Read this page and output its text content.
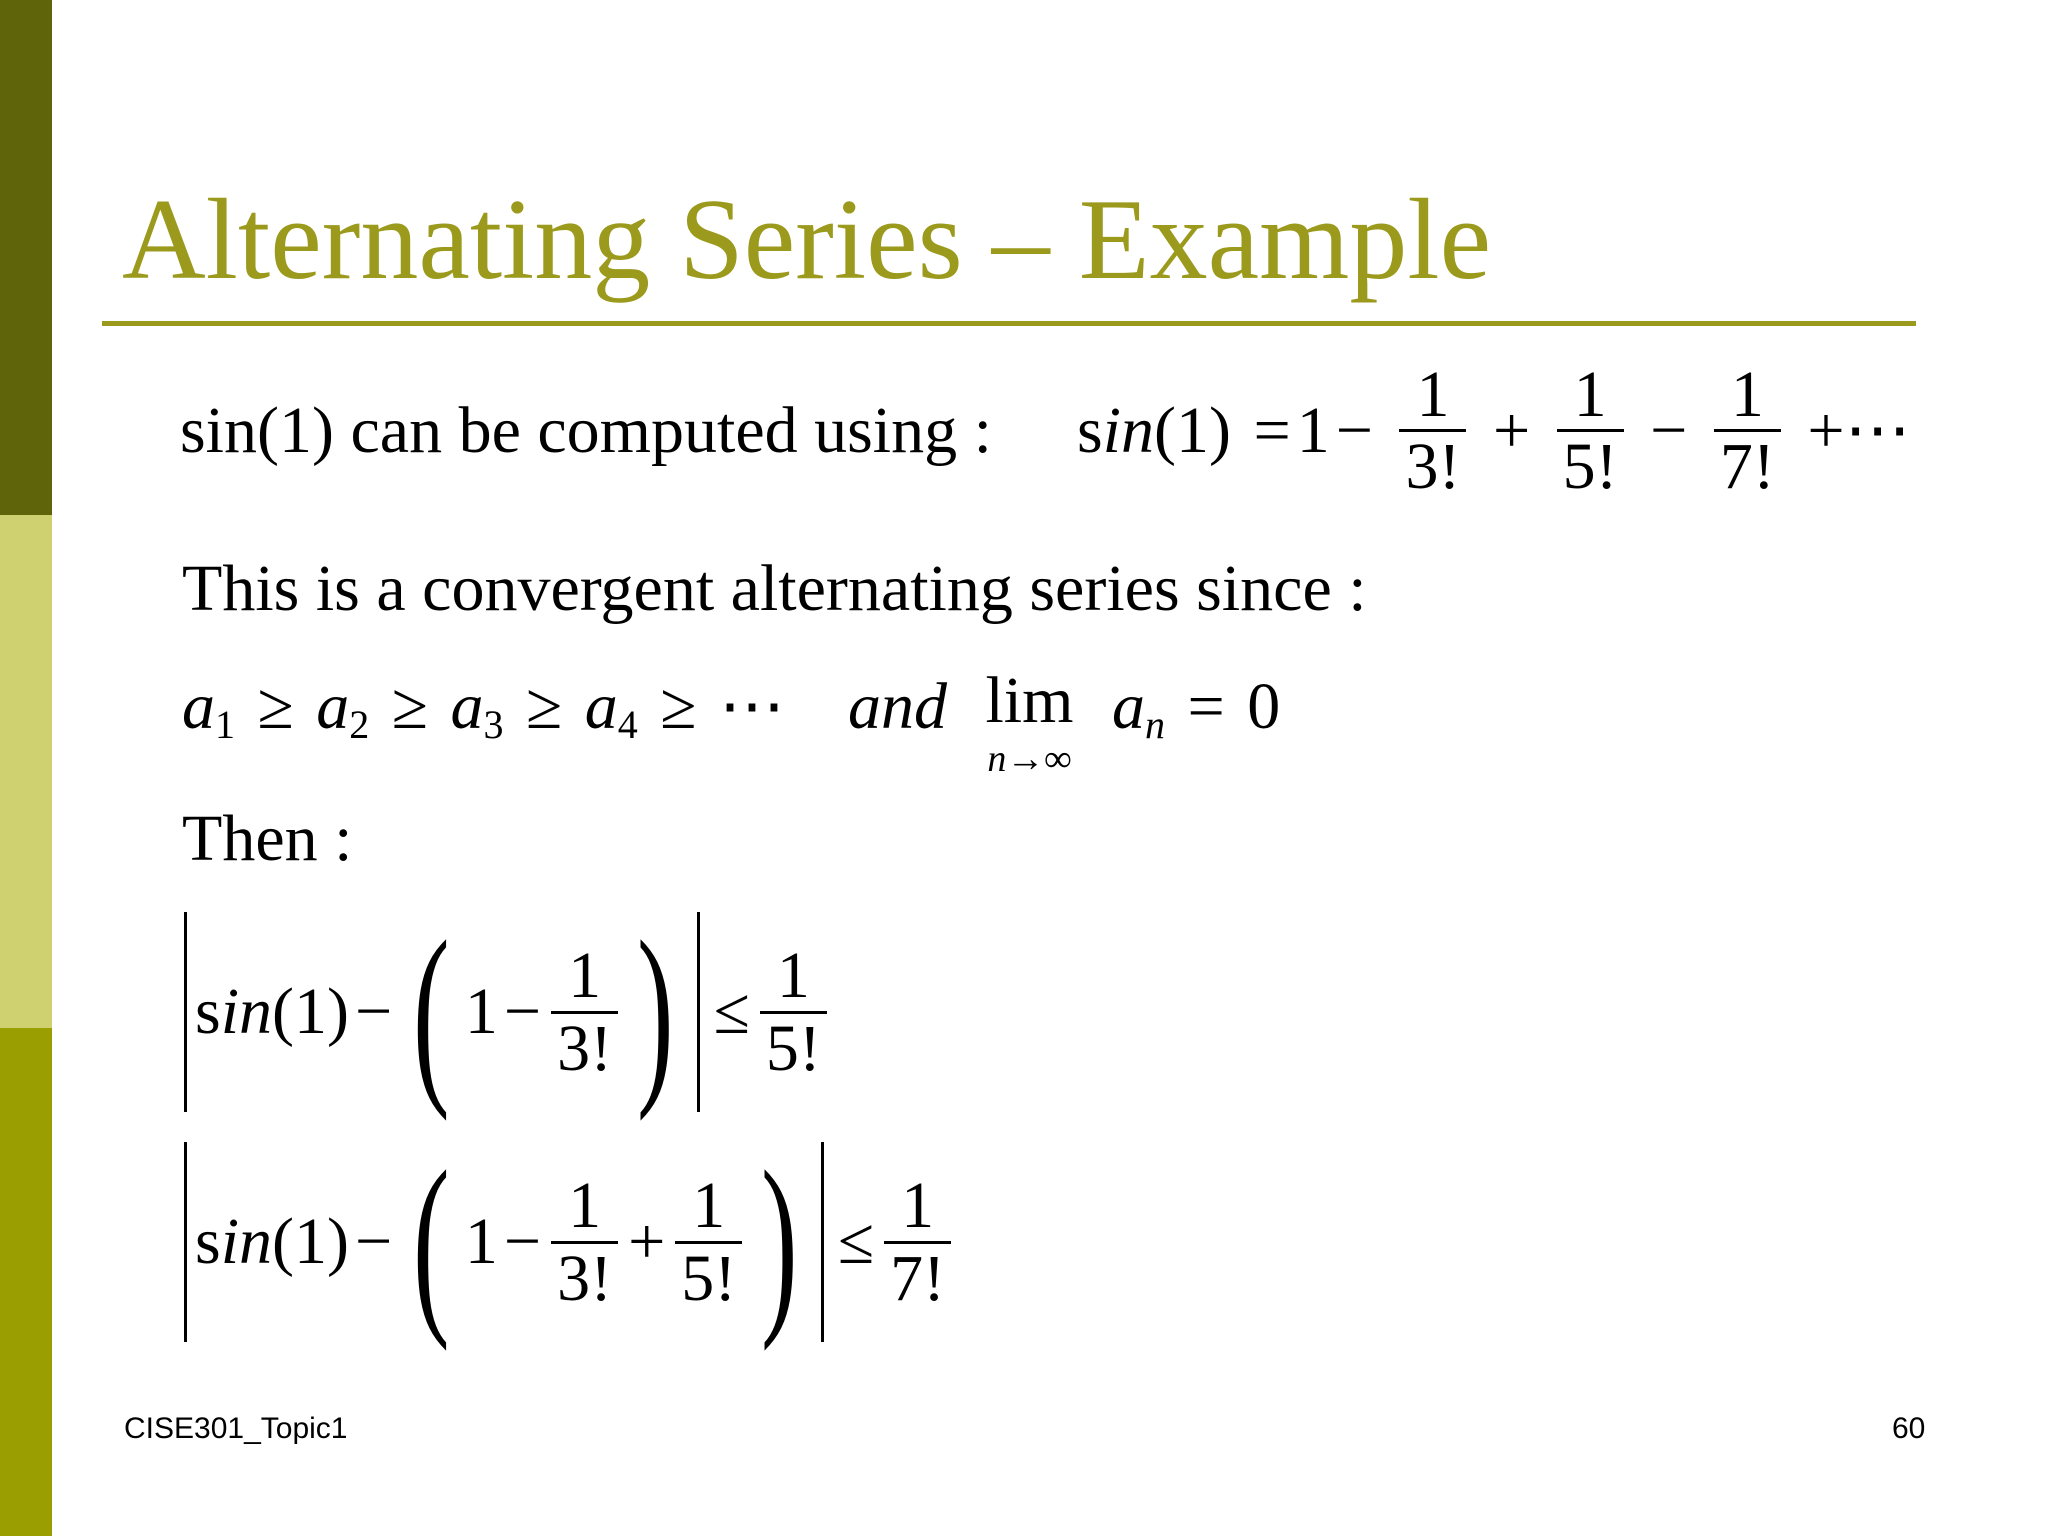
Alternating Series – Example
sin(1) can be computed using : $\sin(1) =1- \frac{1}{3!} + \frac{1}{5!} - \frac{1}{7!}$ +⋯
This is a convergent alternating series since :
$a_1 \ge a_2 \ge a_3 \ge a_4$ ≥ ⋯ and lim
n→∞
$a_n = 0$
Then :
sin(1)− ( $1- \frac{1}{3!}$ ) ≤ $\frac{1}{5!}$
sin(1)− ( $1- \frac{1}{3!} + \frac{1}{5!}$ ) ≤ $\frac{1}{7!}$
CISE301_Topic1	60
